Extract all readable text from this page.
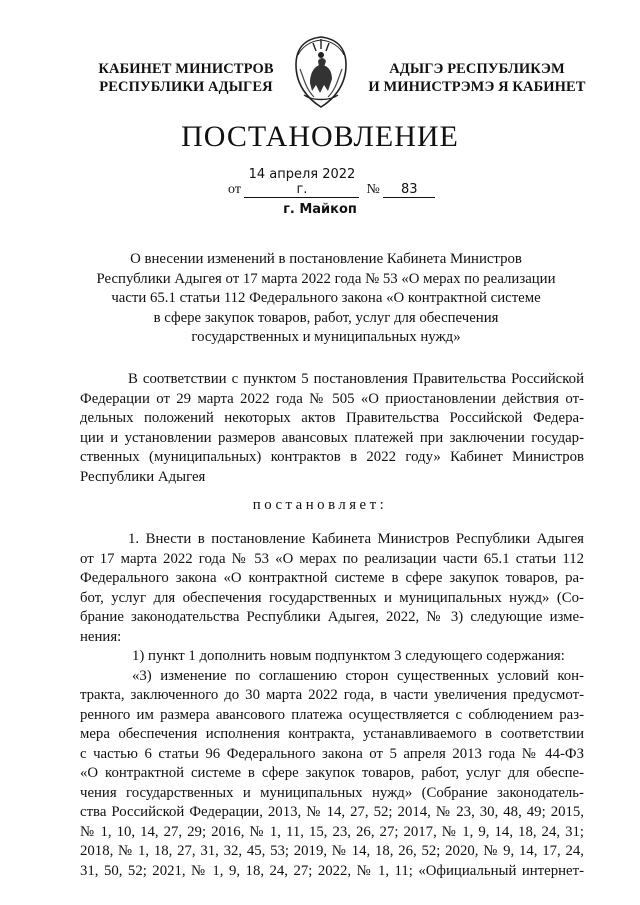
КАБИНЕТ МИНИСТРОВ
РЕСПУБЛИКИ АДЫГЕЯ
АДЫГЭ РЕСПУБЛИКЭМ
И МИНИСТРЭМЭ Я КАБИНЕТ
ПОСТАНОВЛЕНИЕ
от 14 апреля 2022 г.	№ 83
г. Майкоп
О внесении изменений в постановление Кабинета Министров
Республики Адыгея от 17 марта 2022 года № 53 «О мерах по реализации
части 65.1 статьи 112 Федерального закона «О контрактной системе
в сфере закупок товаров, работ, услуг для обеспечения
государственных и муниципальных нужд»
В соответствии с пунктом 5 постановления Правительства Российской
Федерации от 29 марта 2022 года № 505 «О приостановлении действия от-
дельных положений некоторых актов Правительства Российской Федера-
ции и установлении размеров авансовых платежей при заключении государ-
ственных (муниципальных) контрактов в 2022 году» Кабинет Министров
Республики Адыгея
постановляет:
1. Внести в постановление Кабинета Министров Республики Адыгея
от 17 марта 2022 года № 53 «О мерах по реализации части 65.1 статьи 112
Федерального закона «О контрактной системе в сфере закупок товаров, ра-
бот, услуг для обеспечения государственных и муниципальных нужд» (Со-
брание законодательства Республики Адыгея, 2022, № 3) следующие изме-
нения:
1) пункт 1 дополнить новым подпунктом 3 следующего содержания:
«3) изменение по соглашению сторон существенных условий кон-
тракта, заключенного до 30 марта 2022 года, в части увеличения предусмот-
ренного им размера авансового платежа осуществляется с соблюдением раз-
мера обеспечения исполнения контракта, устанавливаемого в соответствии
с частью 6 статьи 96 Федерального закона от 5 апреля 2013 года № 44-ФЗ
«О контрактной системе в сфере закупок товаров, работ, услуг для обеспе-
чения государственных и муниципальных нужд» (Собрание законодатель-
ства Российской Федерации, 2013, № 14, 27, 52; 2014, № 23, 30, 48, 49; 2015,
№ 1, 10, 14, 27, 29; 2016, № 1, 11, 15, 23, 26, 27; 2017, № 1, 9, 14, 18, 24, 31;
2018, № 1, 18, 27, 31, 32, 45, 53; 2019, № 14, 18, 26, 52; 2020, № 9, 14, 17, 24,
31, 50, 52; 2021, № 1, 9, 18, 24, 27; 2022, № 1, 11; «Официальный интернет-
